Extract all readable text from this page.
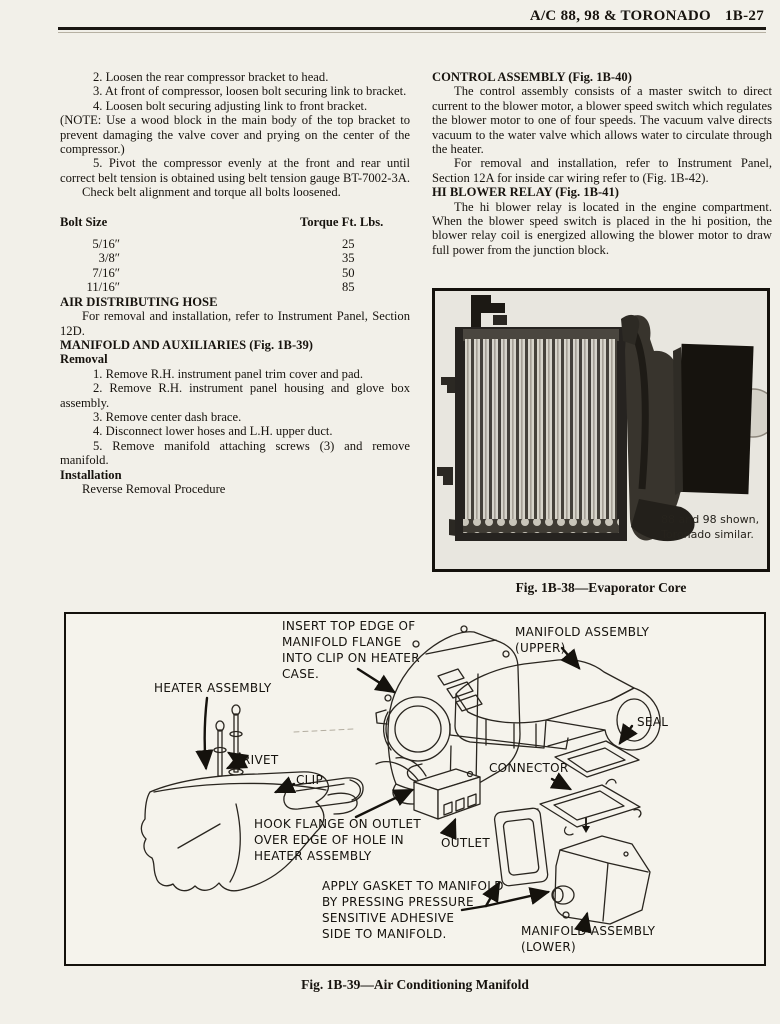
A/C 88, 98 & TORONADO 1B-27

2. Loosen the rear compressor bracket to head.

3. At front of compressor, loosen bolt securing link to bracket.

4. Loosen bolt securing adjusting link to front bracket.

(NOTE: Use a wood block in the main body of the top bracket to prevent damaging the valve cover and prying on the center of the compressor.)

5. Pivot the compressor evenly at the front and rear until correct belt tension is obtained using belt tension gauge BT-7002-3A.

Check belt alignment and torque all bolts loosened.

Bolt Size	Torque Ft. Lbs.
5/16″	25
3/8″	35
7/16″	50
11/16″	85

AIR DISTRIBUTING HOSE

For removal and installation, refer to Instrument Panel, Section 12D.

MANIFOLD AND AUXILIARIES (Fig. 1B-39)

Removal

1. Remove R.H. instrument panel trim cover and pad.

2. Remove R.H. instrument panel housing and glove box assembly.

3. Remove center dash brace.

4. Disconnect lower hoses and L.H. upper duct.

5. Remove manifold attaching screws (3) and remove manifold.

Installation

Reverse Removal Procedure

CONTROL ASSEMBLY (Fig. 1B-40)

The control assembly consists of a master switch to direct current to the blower motor, a blower speed switch which regulates the blower motor to one of four speeds. The vacuum valve directs vacuum to the water valve which allows water to circulate through the heater.

For removal and installation, refer to Instrument Panel, Section 12A for inside car wiring refer to (Fig. 1B-42).

HI BLOWER RELAY (Fig. 1B-41)

The hi blower relay is located in the engine compartment. When the blower speed switch is placed in the hi position, the blower relay coil is energized allowing the blower motor to draw full power from the junction block.

88 and 98 shown,
Toronado similar.
Fig. 1B-38—Evaporator Core
INSERT TOP EDGE OF
MANIFOLD FLANGE
INTO CLIP ON HEATER
CASE.
MANIFOLD ASSEMBLY
(UPPER)
HEATER ASSEMBLY
SEAL
RIVET
CLIP
CONNECTOR
HOOK FLANGE ON OUTLET
OVER EDGE OF HOLE IN
HEATER ASSEMBLY
OUTLET
APPLY GASKET TO MANIFOLD
BY PRESSING PRESSURE
SENSITIVE ADHESIVE
SIDE TO MANIFOLD.	MANIFOLD ASSEMBLY
(LOWER)
Fig. 1B-39—Air Conditioning Manifold
